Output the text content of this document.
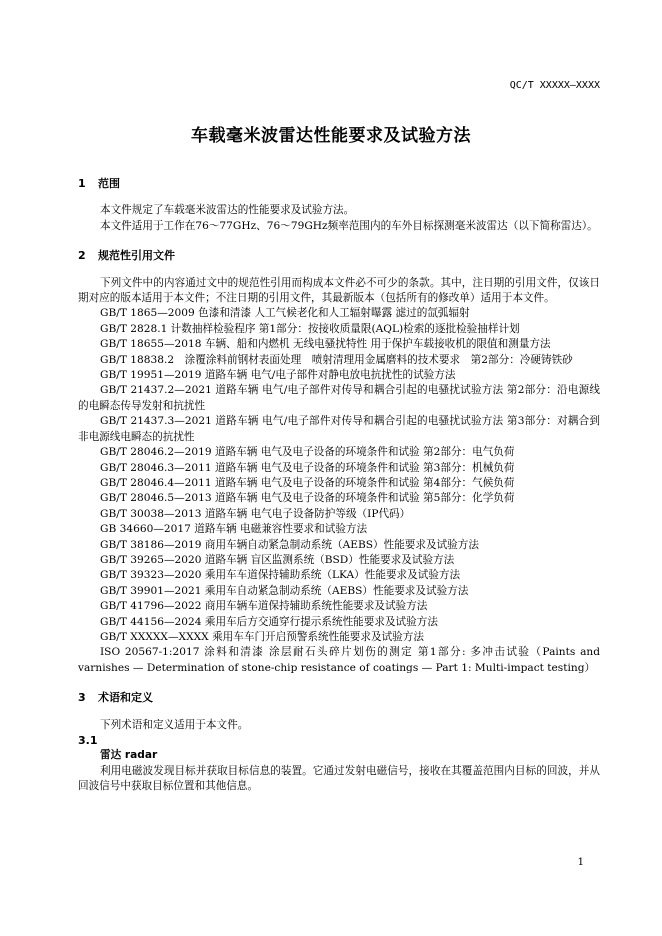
QC/T XXXXX—XXXX
车载毫米波雷达性能要求及试验方法
1 范围

本文件规定了车载毫米波雷达的性能要求及试验方法。

本文件适用于工作在76～77GHz、76～79GHz频率范围内的车外目标探测毫米波雷达（以下简称雷达）。

2 规范性引用文件

下列文件中的内容通过文中的规范性引用而构成本文件必不可少的条款。其中，注日期的引用文件，仅该日期对应的版本适用于本文件；不注日期的引用文件，其最新版本（包括所有的修改单）适用于本文件。

GB/T 1865—2009 色漆和清漆 人工气候老化和人工辐射曝露 滤过的氙弧辐射

GB/T 2828.1 计数抽样检验程序 第1部分：按接收质量限(AQL)检索的逐批检验抽样计划

GB/T 18655—2018 车辆、船和内燃机 无线电骚扰特性 用于保护车载接收机的限值和测量方法

GB/T 18838.2　涂覆涂料前钢材表面处理　喷射清理用金属磨料的技术要求　第2部分：冷硬铸铁砂

GB/T 19951—2019 道路车辆 电气/电子部件对静电放电抗扰性的试验方法

GB/T 21437.2—2021 道路车辆 电气/电子部件对传导和耦合引起的电骚扰试验方法 第2部分：沿电源线的电瞬态传导发射和抗扰性

GB/T 21437.3—2021 道路车辆 电气/电子部件对传导和耦合引起的电骚扰试验方法 第3部分：对耦合到非电源线电瞬态的抗扰性

GB/T 28046.2—2019 道路车辆 电气及电子设备的环境条件和试验 第2部分：电气负荷

GB/T 28046.3—2011 道路车辆 电气及电子设备的环境条件和试验 第3部分：机械负荷

GB/T 28046.4—2011 道路车辆 电气及电子设备的环境条件和试验 第4部分：气候负荷

GB/T 28046.5—2013 道路车辆 电气及电子设备的环境条件和试验 第5部分：化学负荷

GB/T 30038—2013 道路车辆 电气电子设备防护等级（IP代码）

GB 34660—2017 道路车辆 电磁兼容性要求和试验方法

GB/T 38186—2019 商用车辆自动紧急制动系统（AEBS）性能要求及试验方法

GB/T 39265—2020 道路车辆 盲区监测系统（BSD）性能要求及试验方法

GB/T 39323—2020 乘用车车道保持辅助系统（LKA）性能要求及试验方法

GB/T 39901—2021 乘用车自动紧急制动系统（AEBS）性能要求及试验方法

GB/T 41796—2022 商用车辆车道保持辅助系统性能要求及试验方法

GB/T 44156—2024 乘用车后方交通穿行提示系统性能要求及试验方法

GB/T XXXXX—XXXX 乘用车车门开启预警系统性能要求及试验方法

ISO 20567-1:2017 涂料和清漆 涂层耐石头碎片划伤的测定 第1部分: 多冲击试验（Paints and varnishes — Determination of stone-chip resistance of coatings — Part 1: Multi-impact testing）

3 术语和定义

下列术语和定义适用于本文件。

3.1
雷达 radar

利用电磁波发现目标并获取目标信息的装置。它通过发射电磁信号，接收在其覆盖范围内目标的回波，并从回波信号中获取目标位置和其他信息。

1
